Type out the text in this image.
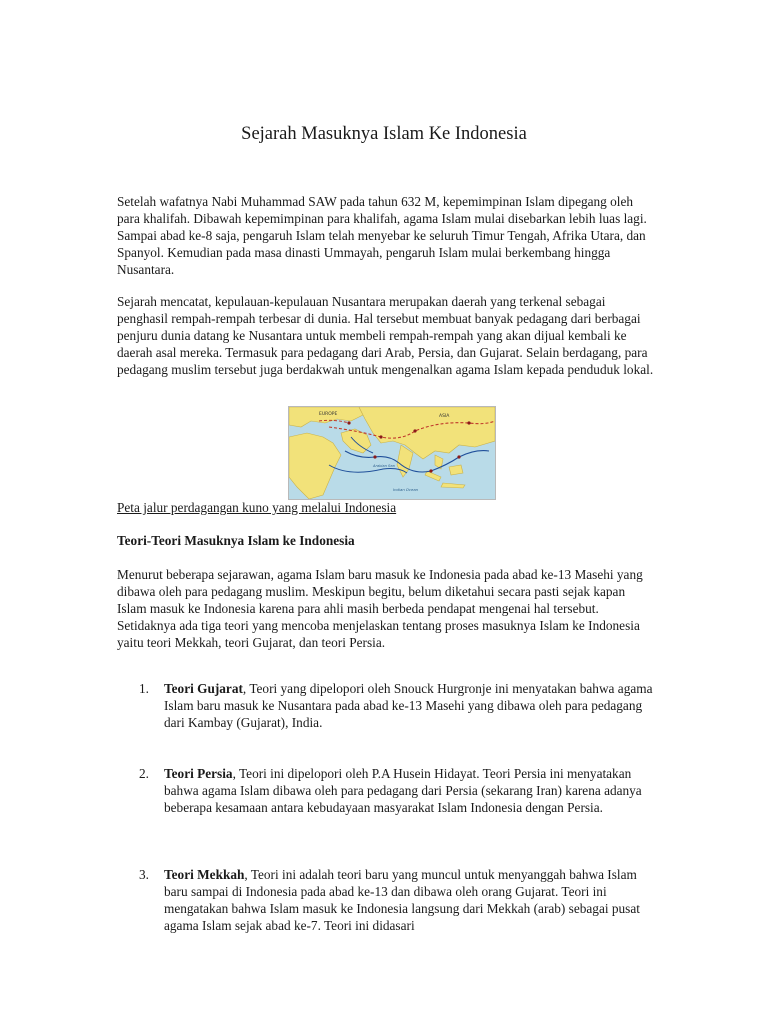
Sejarah Masuknya Islam Ke Indonesia

Setelah wafatnya Nabi Muhammad SAW pada tahun 632 M, kepemimpinan Islam dipegang oleh para khalifah. Dibawah kepemimpinan para khalifah, agama Islam mulai disebarkan lebih luas lagi. Sampai abad ke-8 saja, pengaruh Islam telah menyebar ke seluruh Timur Tengah, Afrika Utara, dan Spanyol. Kemudian pada masa dinasti Ummayah, pengaruh Islam mulai berkembang hingga Nusantara.

Sejarah mencatat, kepulauan-kepulauan Nusantara merupakan daerah yang terkenal sebagai penghasil rempah-rempah terbesar di dunia. Hal tersebut membuat banyak pedagang dari berbagai penjuru dunia datang ke Nusantara untuk membeli rempah-rempah yang akan dijual kembali ke daerah asal mereka. Termasuk para pedagang dari Arab, Persia, dan Gujarat. Selain berdagang, para pedagang muslim tersebut juga berdakwah untuk mengenalkan agama Islam kepada penduduk lokal.

EUROPE	ASIA
Arabian Sea
Indian Ocean

Peta jalur perdagangan kuno yang melalui Indonesia

Teori-Teori Masuknya Islam ke Indonesia

Menurut beberapa sejarawan, agama Islam baru masuk ke Indonesia pada abad ke-13 Masehi yang dibawa oleh para pedagang muslim. Meskipun begitu, belum diketahui secara pasti sejak kapan Islam masuk ke Indonesia karena para ahli masih berbeda pendapat mengenai hal tersebut. Setidaknya ada tiga teori yang mencoba menjelaskan tentang proses masuknya Islam ke Indonesia yaitu teori Mekkah, teori Gujarat, dan teori Persia.

1. Teori Gujarat, Teori yang dipelopori oleh Snouck Hurgronje ini menyatakan bahwa agama Islam baru masuk ke Nusantara pada abad ke-13 Masehi yang dibawa oleh para pedagang dari Kambay (Gujarat), India.

2. Teori Persia, Teori ini dipelopori oleh P.A Husein Hidayat. Teori Persia ini menyatakan bahwa agama Islam dibawa oleh para pedagang dari Persia (sekarang Iran) karena adanya beberapa kesamaan antara kebudayaan masyarakat Islam Indonesia dengan Persia.

3. Teori Mekkah, Teori ini adalah teori baru yang muncul untuk menyanggah bahwa Islam baru sampai di Indonesia pada abad ke-13 dan dibawa oleh orang Gujarat. Teori ini mengatakan bahwa Islam masuk ke Indonesia langsung dari Mekkah (arab) sebagai pusat agama Islam sejak abad ke-7. Teori ini didasari
